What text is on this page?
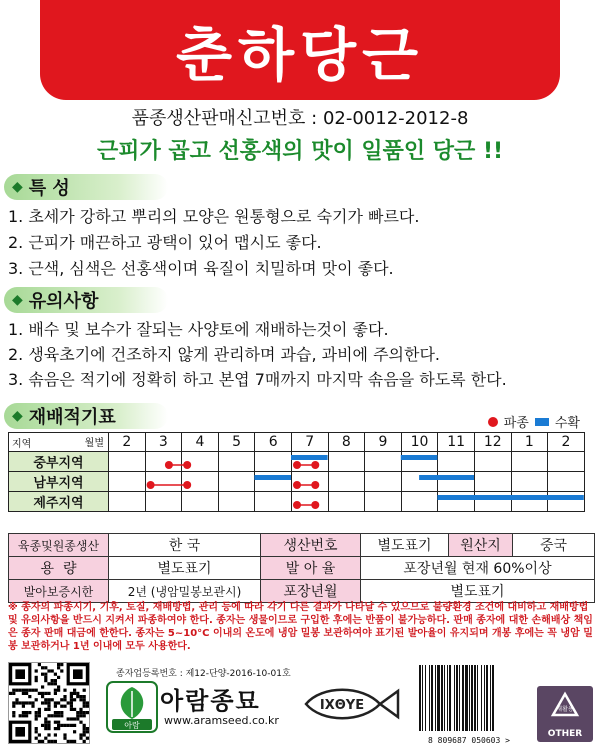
춘하당근
품종생산판매신고번호 : 02-0012-2012-8
근피가 곱고 선홍색의 맛이 일품인 당근 !!
◆ 특 성
1. 초세가 강하고 뿌리의 모양은 원통형으로 숙기가 빠르다.
2. 근피가 매끈하고 광택이 있어 맵시도 좋다.
3. 근색, 심색은 선홍색이며 육질이 치밀하며 맛이 좋다.
◆ 유의사항
1. 배수 및 보수가 잘되는 사양토에 재배하는것이 좋다.
2. 생육초기에 건조하지 않게 관리하며 과습, 과비에 주의한다.
3. 솎음은 적기에 정확히 하고 본엽 7매까지 마지막 솎음을 하도록 한다.
◆ 재배적기표	파종 수확
지역 월별	2	3	4	5	6	7	8	9	10	11	12	1	2
중부지역													
남부지역													
제주지역													
육종및원종생산	한 국	생산번호	별도표기	원산지	중국
용  량	별도표기	발 아 율	포장년월 현재 60%이상		
발아보증시한	2년 (냉암밀봉보관시)	포장년월	별도표기		
※ 종자의 파종시기, 기후, 토질, 재배방법, 관리 등에 따라 각기 다른 결과가 나타날 수 있으므로 불량환경 조건에 대비하고 재배방법 및 유의사항을 반드시 지켜서 파종하여야 한다. 종자는 생물이므로 구입한 후에는 반품이 불가능하다. 판매 종자에 대한 손해배상 책임은 종자 판매 대금에 한한다. 종자는 5~10°C 이내의 온도에 냉암 밀봉 보관하여야 표기된 발아율이 유지되며 개봉 후에는 꼭 냉암 밀봉 보관하거나 1년 이내에 모두 사용한다.
종자업등록번호 : 제12-단양-2016-10-01호
아람
아람종묘
www.aramseed.co.kr
IXΘYE
8 809687 050603 >
재활용
OTHER
